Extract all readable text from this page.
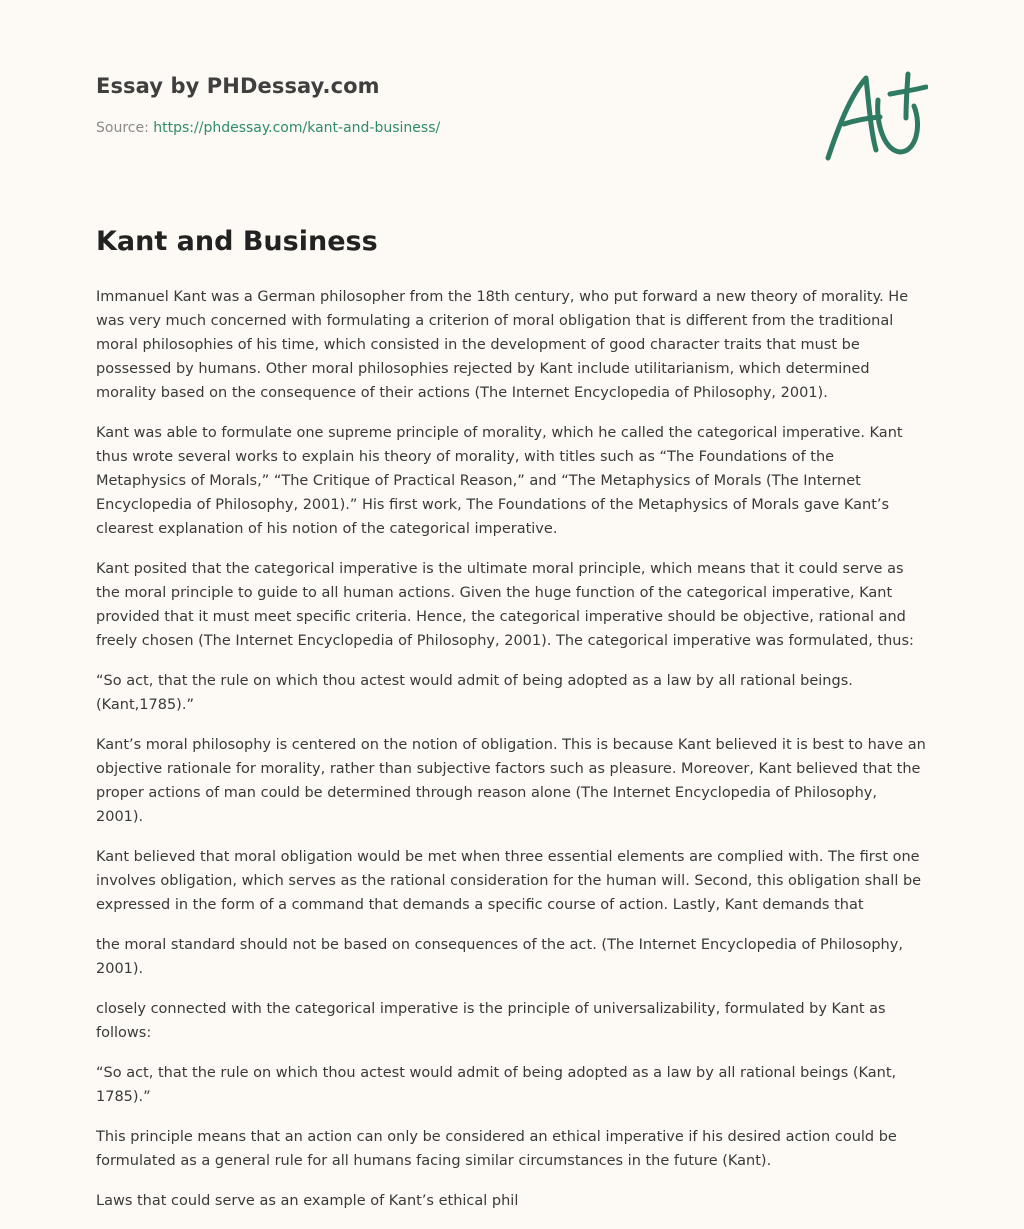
Essay by PHDessay.com
Source: https://phdessay.com/kant-and-business/
Kant and Business

Immanuel Kant was a German philosopher from the 18th century, who put forward a new theory of morality. He was very much concerned with formulating a criterion of moral obligation that is different from the traditional moral philosophies of his time, which consisted in the development of good character traits that must be possessed by humans. Other moral philosophies rejected by Kant include utilitarianism, which determined morality based on the consequence of their actions (The Internet Encyclopedia of Philosophy, 2001).

Kant was able to formulate one supreme principle of morality, which he called the categorical imperative. Kant thus wrote several works to explain his theory of morality, with titles such as “The Foundations of the Metaphysics of Morals,” “The Critique of Practical Reason,” and “The Metaphysics of Morals (The Internet Encyclopedia of Philosophy, 2001).” His first work, The Foundations of the Metaphysics of Morals gave Kant’s clearest explanation of his notion of the categorical imperative.

Kant posited that the categorical imperative is the ultimate moral principle, which means that it could serve as the moral principle to guide to all human actions. Given the huge function of the categorical imperative, Kant provided that it must meet specific criteria. Hence, the categorical imperative should be objective, rational and freely chosen (The Internet Encyclopedia of Philosophy, 2001). The categorical imperative was formulated, thus:

“So act, that the rule on which thou actest would admit of being adopted as a law by all rational beings. (Kant,1785).”

Kant’s moral philosophy is centered on the notion of obligation. This is because Kant believed it is best to have an objective rationale for morality, rather than subjective factors such as pleasure. Moreover, Kant believed that the proper actions of man could be determined through reason alone (The Internet Encyclopedia of Philosophy, 2001).

Kant believed that moral obligation would be met when three essential elements are complied with. The first one involves obligation, which serves as the rational consideration for the human will. Second, this obligation shall be expressed in the form of a command that demands a specific course of action. Lastly, Kant demands that

the moral standard should not be based on consequences of the act. (The Internet Encyclopedia of Philosophy, 2001).

closely connected with the categorical imperative is the principle of universalizability, formulated by Kant as follows:

“So act, that the rule on which thou actest would admit of being adopted as a law by all rational beings (Kant, 1785).”

This principle means that an action can only be considered an ethical imperative if his desired action could be formulated as a general rule for all humans facing similar circumstances in the future (Kant).

Laws that could serve as an example of Kant’s ethical phil
